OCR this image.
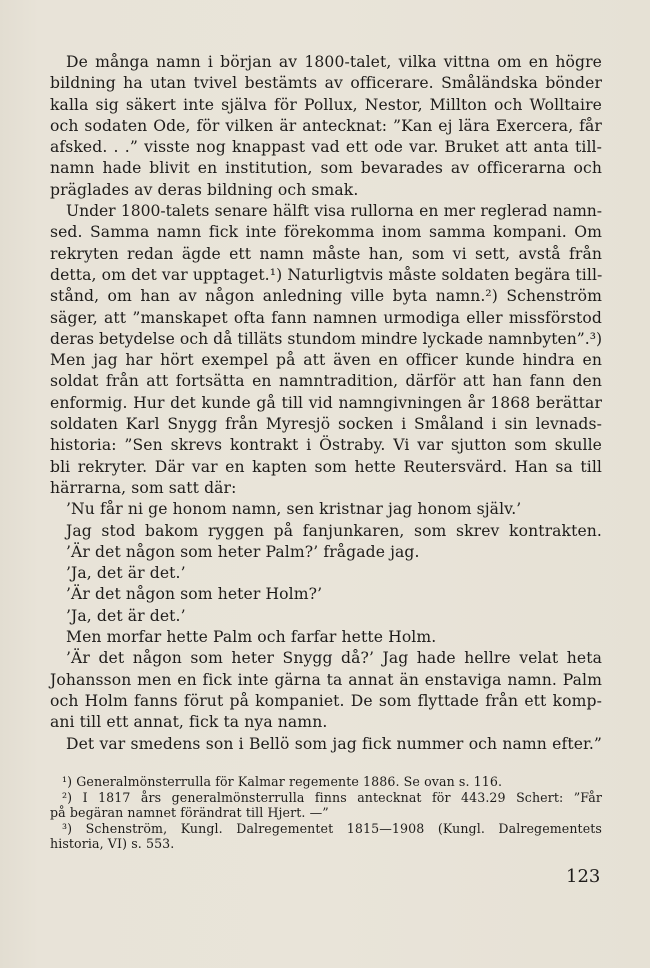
De många namn i början av 1800-talet, vilka vittna om en högre
bildning ha utan tvivel bestämts av officerare. Småländska bönder
kalla sig säkert inte själva för Pollux, Nestor, Millton och Wolltaire
och sodaten Ode, för vilken är antecknat: ”Kan ej lära Exercera, får
afsked. . .” visste nog knappast vad ett ode var. Bruket att anta till-
namn hade blivit en institution, som bevarades av officerarna och
präglades av deras bildning och smak.
Under 1800-talets senare hälft visa rullorna en mer reglerad namn-
sed. Samma namn fick inte förekomma inom samma kompani. Om
rekryten redan ägde ett namn måste han, som vi sett, avstå från
detta, om det var upptaget.¹) Naturligtvis måste soldaten begära till-
stånd, om han av någon anledning ville byta namn.²) Schenström
säger, att ”manskapet ofta fann namnen urmodiga eller missförstod
deras betydelse och då tilläts stundom mindre lyckade namnbyten”.³)
Men jag har hört exempel på att även en officer kunde hindra en
soldat från att fortsätta en namntradition, därför att han fann den
enformig. Hur det kunde gå till vid namngivningen år 1868 berättar
soldaten Karl Snygg från Myresjö socken i Småland i sin levnads-
historia: ”Sen skrevs kontrakt i Östraby. Vi var sjutton som skulle
bli rekryter. Där var en kapten som hette Reutersvärd. Han sa till
härrarna, som satt där:
’Nu får ni ge honom namn, sen kristnar jag honom själv.’
Jag stod bakom ryggen på fanjunkaren, som skrev kontrakten.
’Är det någon som heter Palm?’ frågade jag.
’Ja, det är det.’
’Är det någon som heter Holm?’
’Ja, det är det.’
Men morfar hette Palm och farfar hette Holm.
’Är det någon som heter Snygg då?’ Jag hade hellre velat heta
Johansson men en fick inte gärna ta annat än enstaviga namn. Palm
och Holm fanns förut på kompaniet. De som flyttade från ett komp-
ani till ett annat, fick ta nya namn.
Det var smedens son i Bellö som jag fick nummer och namn efter.”
¹) Generalmönsterrulla för Kalmar regemente 1886. Se ovan s. 116.
²) I 1817 års generalmönsterrulla finns antecknat för 443.29 Schert: ”Får
på begäran namnet förändrat till Hjert. —”
³) Schenström, Kungl. Dalregementet 1815—1908 (Kungl. Dalregementets
historia, VI) s. 553.
123
